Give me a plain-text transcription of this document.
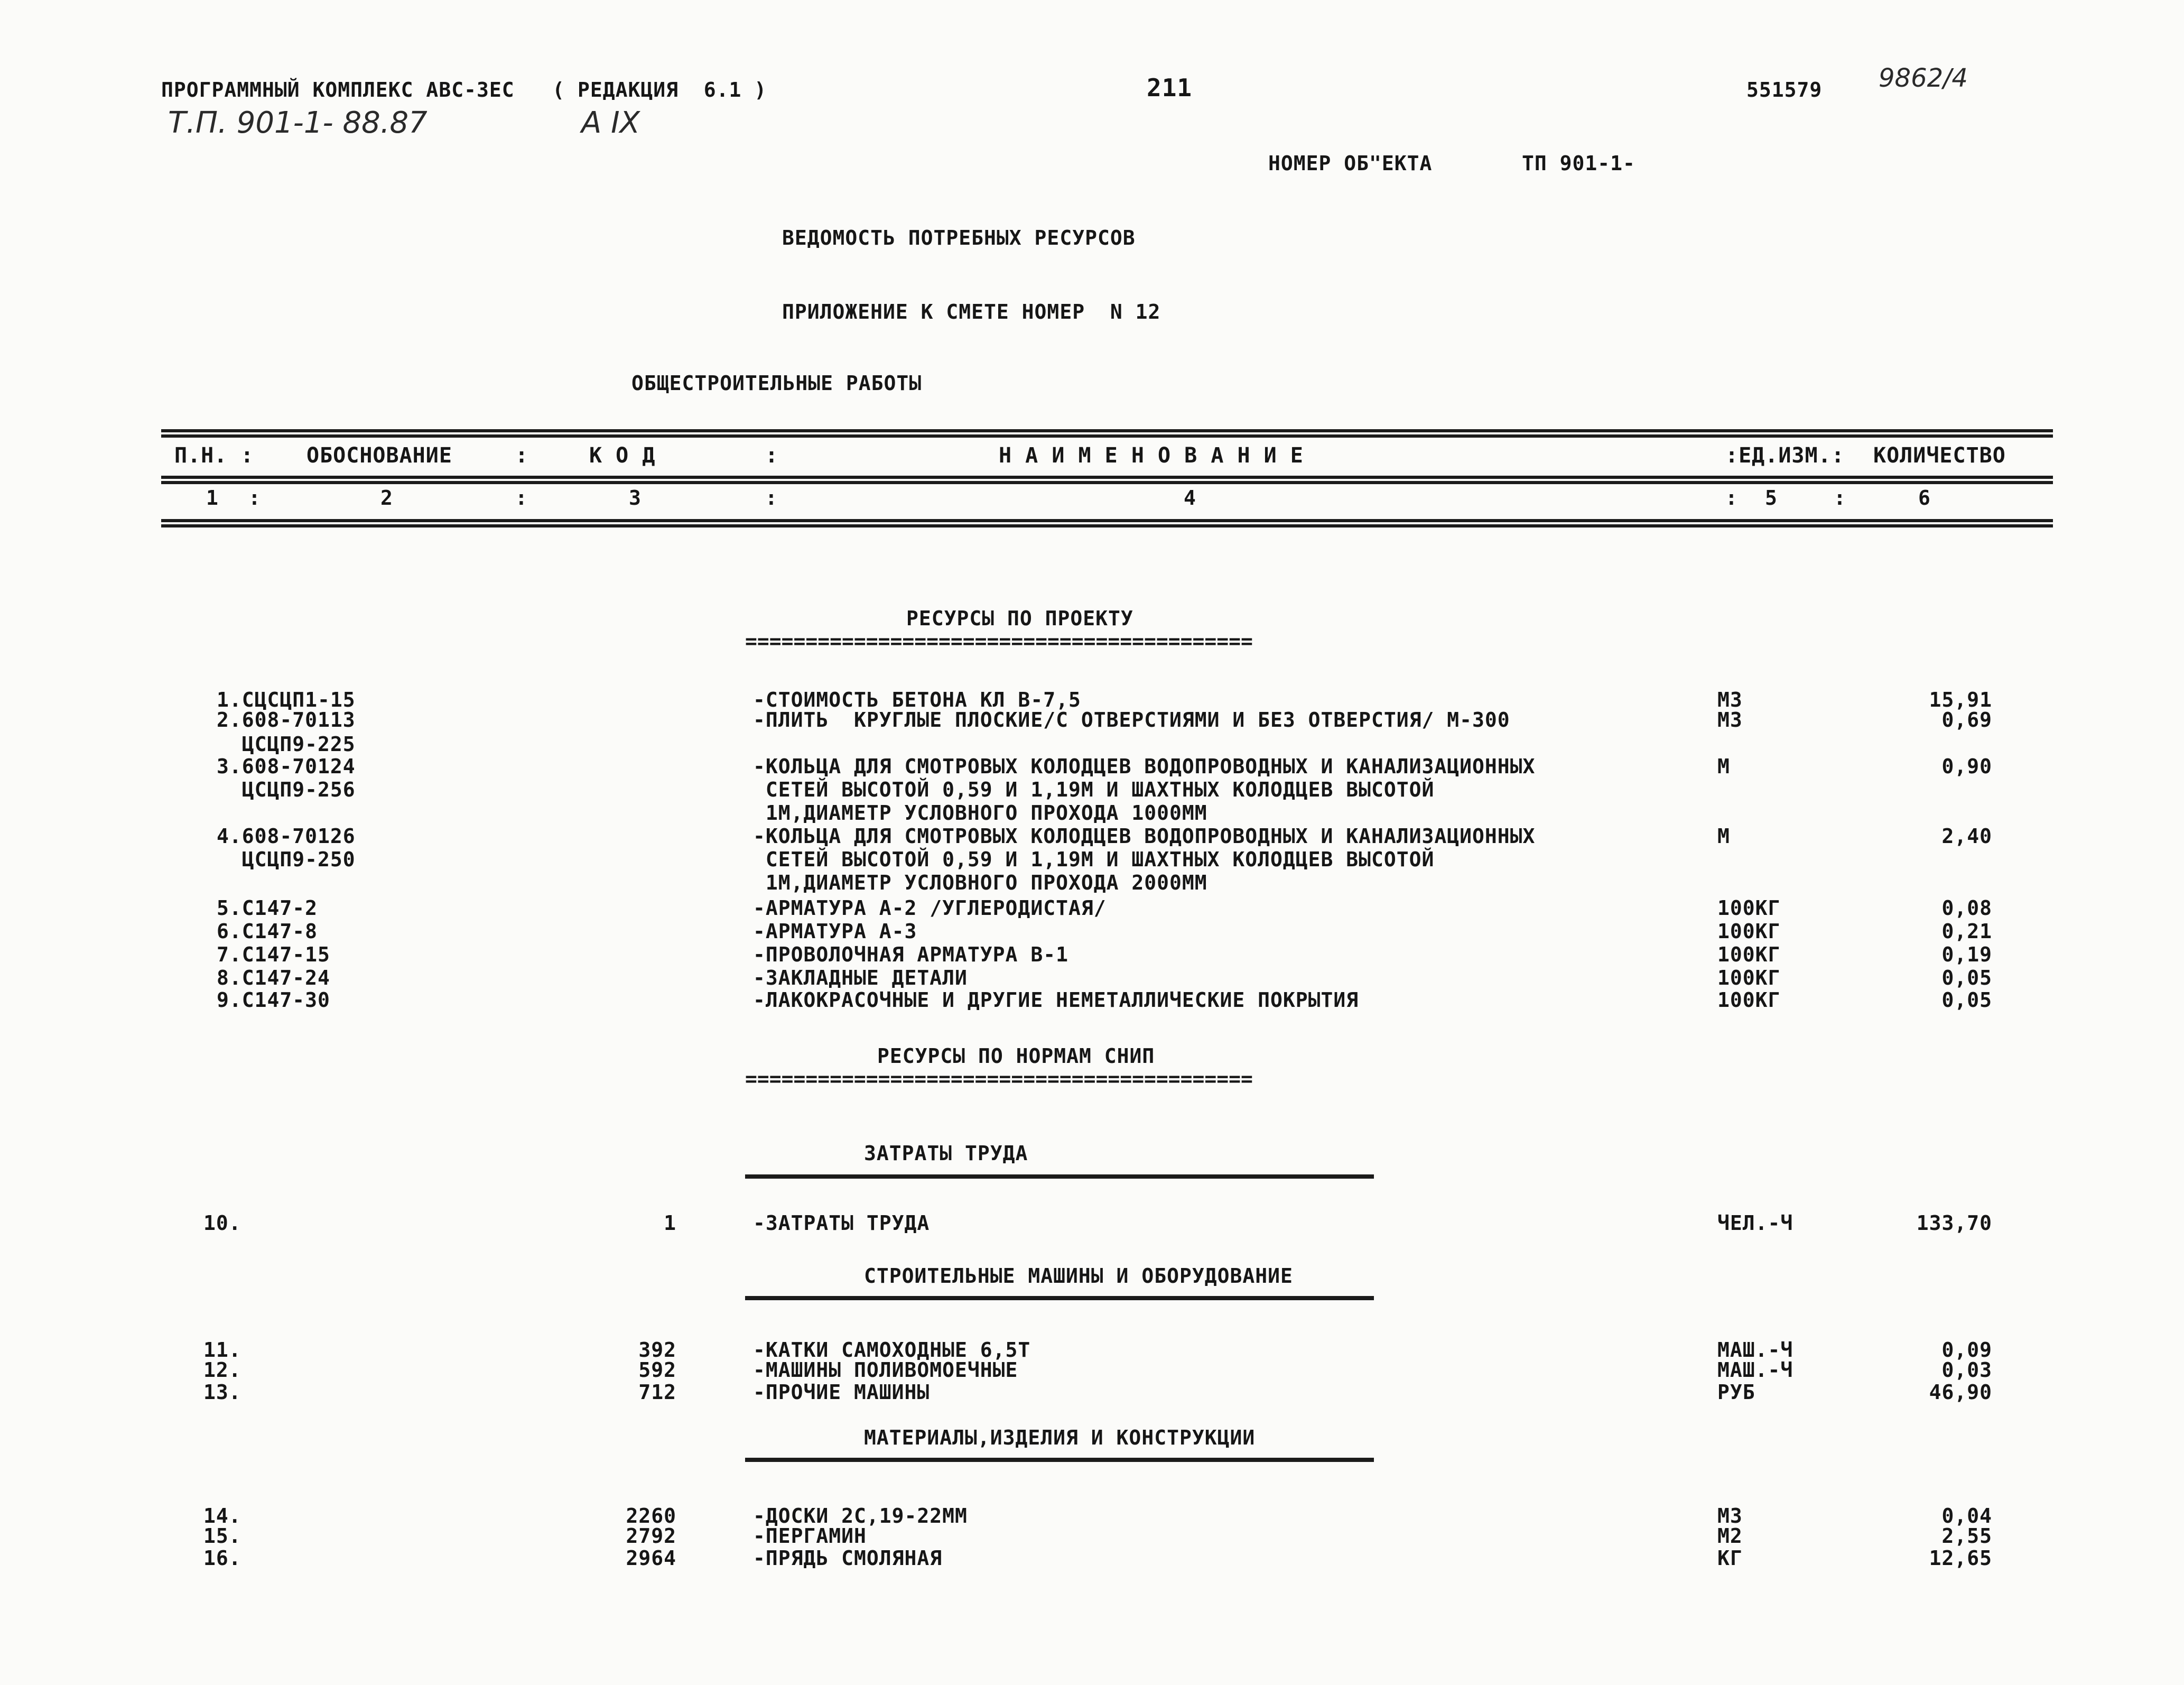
ПРОГРАММНЫЙ КОМПЛЕКС АВС-3ЕС   ( РЕДАКЦИЯ  6.1 )	211	551579 9862/4
Т.П. 901-1- 88.87	А IX
НОМЕР ОБ"ЕКТА	ТП 901-1-
ВЕДОМОСТЬ ПОТРЕБНЫХ РЕСУРСОВ
ПРИЛОЖЕНИЕ К СМЕТЕ НОМЕР  N 12
ОБЩЕСТРОИТЕЛЬНЫЕ РАБОТЫ
П.Н. : ОБОСНОВАНИЕ	:	К О Д	:	Н А И М Е Н О В А Н И Е	:ЕД.ИЗМ.: КОЛИЧЕСТВО
1 :	2	:	3	:	4	: 5	:	6
РЕСУРСЫ ПО ПРОЕКТУ
==========================================
1.СЦСЦП1-15	-СТОИМОСТЬ БЕТОНА КЛ В-7,5	М3	15,91
2.608-70113	-ПЛИТЬ  КРУГЛЫЕ ПЛОСКИЕ/С ОТВЕРСТИЯМИ И БЕЗ ОТВЕРСТИЯ/ М-300	М3	0,69
ЦСЦП9-225
3.608-70124	-КОЛЬЦА ДЛЯ СМОТРОВЫХ КОЛОДЦЕВ ВОДОПРОВОДНЫХ И КАНАЛИЗАЦИОННЫХ	М	0,90
ЦСЦП9-256	СЕТЕЙ ВЫСОТОЙ 0,59 И 1,19М И ШАХТНЫХ КОЛОДЦЕВ ВЫСОТОЙ
1М,ДИАМЕТР УСЛОВНОГО ПРОХОДА 1000ММ
4.608-70126	-КОЛЬЦА ДЛЯ СМОТРОВЫХ КОЛОДЦЕВ ВОДОПРОВОДНЫХ И КАНАЛИЗАЦИОННЫХ	М	2,40
ЦСЦП9-250	СЕТЕЙ ВЫСОТОЙ 0,59 И 1,19М И ШАХТНЫХ КОЛОДЦЕВ ВЫСОТОЙ
1М,ДИАМЕТР УСЛОВНОГО ПРОХОДА 2000ММ
5.С147-2	-АРМАТУРА А-2 /УГЛЕРОДИСТАЯ/	100КГ	0,08
6.С147-8	-АРМАТУРА А-3	100КГ	0,21
7.С147-15	-ПРОВОЛОЧНАЯ АРМАТУРА В-1	100КГ	0,19
8.С147-24	-ЗАКЛАДНЫЕ ДЕТАЛИ	100КГ	0,05
9.С147-30	-ЛАКОКРАСОЧНЫЕ И ДРУГИЕ НЕМЕТАЛЛИЧЕСКИЕ ПОКРЫТИЯ	100КГ	0,05
РЕСУРСЫ ПО НОРМАМ СНИП
==========================================
ЗАТРАТЫ ТРУДА
10.	1	-ЗАТРАТЫ ТРУДА	ЧЕЛ.-Ч	133,70
СТРОИТЕЛЬНЫЕ МАШИНЫ И ОБОРУДОВАНИЕ
11.	392	-КАТКИ САМОХОДНЫЕ 6,5Т	МАШ.-Ч	0,09
12.	592	-МАШИНЫ ПОЛИВОМОЕЧНЫЕ	МАШ.-Ч	0,03
13.	712	-ПРОЧИЕ МАШИНЫ	РУБ	46,90
МАТЕРИАЛЫ,ИЗДЕЛИЯ И КОНСТРУКЦИИ
14.	2260	-ДОСКИ 2С,19-22ММ	М3	0,04
15.	2792	-ПЕРГАМИН	М2	2,55
16.	2964	-ПРЯДЬ СМОЛЯНАЯ	КГ	12,65
